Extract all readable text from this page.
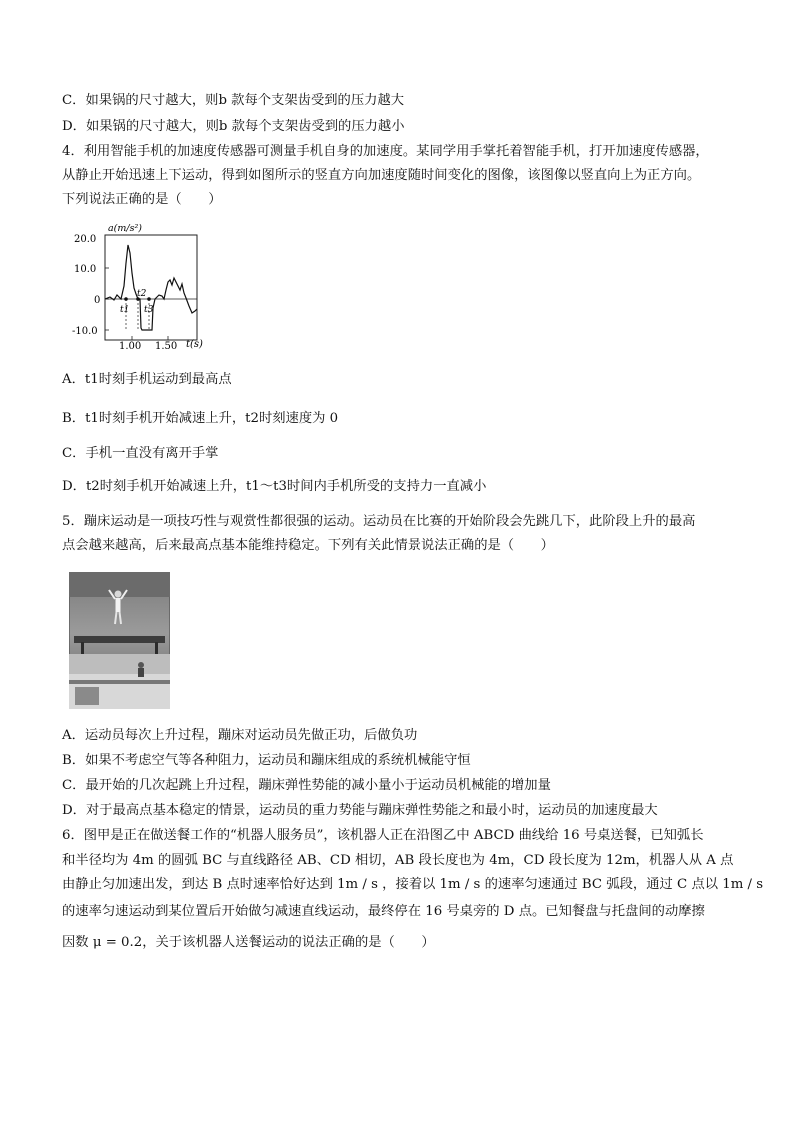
C．如果锅的尺寸越大，则b 款每个支架齿受到的压力越大
D．如果锅的尺寸越大，则b 款每个支架齿受到的压力越小
4．利用智能手机的加速度传感器可测量手机自身的加速度。某同学用手掌托着智能手机，打开加速度传感器，
从静止开始迅速上下运动，得到如图所示的竖直方向加速度随时间变化的图像，该图像以竖直向上为正方向。
下列说法正确的是（　　）
a(m/s²)
20.0
10.0
0
-10.0
t1
t2
t3
1.00 1.50 t(s)
A．t1时刻手机运动到最高点
B．t1时刻手机开始减速上升，t2时刻速度为 0
C．手机一直没有离开手掌
D．t2时刻手机开始减速上升，t1～t3时间内手机所受的支持力一直减小
5．蹦床运动是一项技巧性与观赏性都很强的运动。运动员在比赛的开始阶段会先跳几下，此阶段上升的最高
点会越来越高，后来最高点基本能维持稳定。下列有关此情景说法正确的是（　　）
A．运动员每次上升过程，蹦床对运动员先做正功，后做负功
B．如果不考虑空气等各种阻力，运动员和蹦床组成的系统机械能守恒
C．最开始的几次起跳上升过程，蹦床弹性势能的减小量小于运动员机械能的增加量
D．对于最高点基本稳定的情景，运动员的重力势能与蹦床弹性势能之和最小时，运动员的加速度最大
6．图甲是正在做送餐工作的“机器人服务员”，该机器人正在沿图乙中 ABCD 曲线给 16 号桌送餐，已知弧长
和半径均为 4m 的圆弧 BC 与直线路径 AB、CD 相切，AB 段长度也为 4m，CD 段长度为 12m，机器人从 A 点
由静止匀加速出发，到达 B 点时速率恰好达到 1m / s ，接着以 1m / s 的速率匀速通过 BC 弧段，通过 C 点以 1m / s
的速率匀速运动到某位置后开始做匀减速直线运动，最终停在 16 号桌旁的 D 点。已知餐盘与托盘间的动摩擦
因数 μ = 0.2，关于该机器人送餐运动的说法正确的是（　　）
